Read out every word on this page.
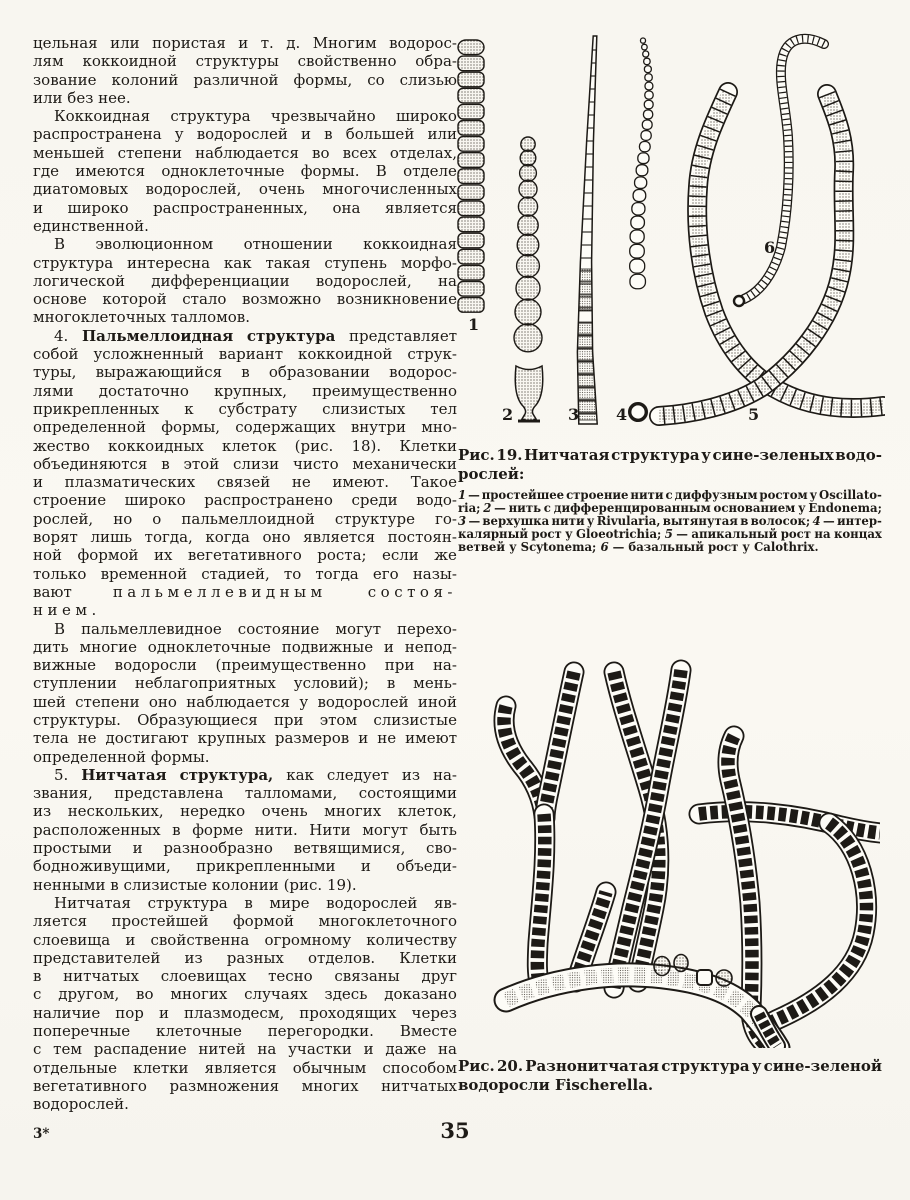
цельная или пористая и т. д. Многим водорос-
лям коккоидной структуры свойственно обра-
зование колоний различной формы, со слизью
или без нее.
Коккоидная структура чрезвычайно широко
распространена у водорослей и в большей или
меньшей степени наблюдается во всех отделах,
где имеются одноклеточные формы. В отделе
диатомовых водорослей, очень многочисленных
и широко распространенных, она является
единственной.
В эволюционном отношении коккоидная
структура интересна как такая ступень морфо-
логической дифференциации водорослей, на
основе которой стало возможно возникновение
многоклеточных талломов.
4. Пальмеллоидная структура представляет
собой усложненный вариант коккоидной струк-
туры, выражающийся в образовании водорос-
лями достаточно крупных, преимущественно
прикрепленных к субстрату слизистых тел
определенной формы, содержащих внутри мно-
жество коккоидных клеток (рис. 18). Клетки
объединяются в этой слизи чисто механически
и плазматических связей не имеют. Такое
строение широко распространено среди водо-
рослей, но о пальмеллоидной структуре го-
ворят лишь тогда, когда оно является постоян-
ной формой их вегетативного роста; если же
только временной стадией, то тогда его назы-
вают	пальмеллевидным	состоя-
нием.
В пальмеллевидное состояние могут перехо-
дить многие одноклеточные подвижные и непод-
вижные водоросли (преимущественно при на-
ступлении неблагоприятных условий); в мень-
шей степени оно наблюдается у водорослей иной
структуры. Образующиеся при этом слизистые
тела не достигают крупных размеров и не имеют
определенной формы.
5. Нитчатая структура, как следует из на-
звания, представлена талломами, состоящими
из нескольких, нередко очень многих клеток,
расположенных в форме нити. Нити могут быть
простыми и разнообразно ветвящимися, сво-
бодноживущими, прикрепленными и объеди-
ненными в слизистые колонии (рис. 19).
Нитчатая структура в мире водорослей яв-
ляется простейшей формой многоклеточного
слоевища и свойственна огромному количеству
представителей из разных отделов. Клетки
в нитчатых слоевищах тесно связаны друг
с другом, во многих случаях здесь доказано
наличие пор и плазмодесм, проходящих через
поперечные клеточные перегородки. Вместе
с тем распадение нитей на участки и даже на
отдельные клетки является обычным способом
вегетативного размножения многих нитчатых
водорослей.
1
2	3 4	5
6
Рис. 19. Нитчатая структура у сине-зеленых водо-
рослей:
1 — простейшее строение нити с диффузным ростом у Oscillato-
ria; 2 — нить с дифференцированным основанием у Endonema;
3 — верхушка нити у Rivularia, вытянутая в волосок; 4 — интер-
калярный рост у Gloeotrichia; 5 — апикальный рост на концах
ветвей у Scytonema; 6 — базальный рост у Calothrix.
Рис. 20. Разнонитчатая структура у сине-зеленой
водоросли Fischerella.
3*	35
